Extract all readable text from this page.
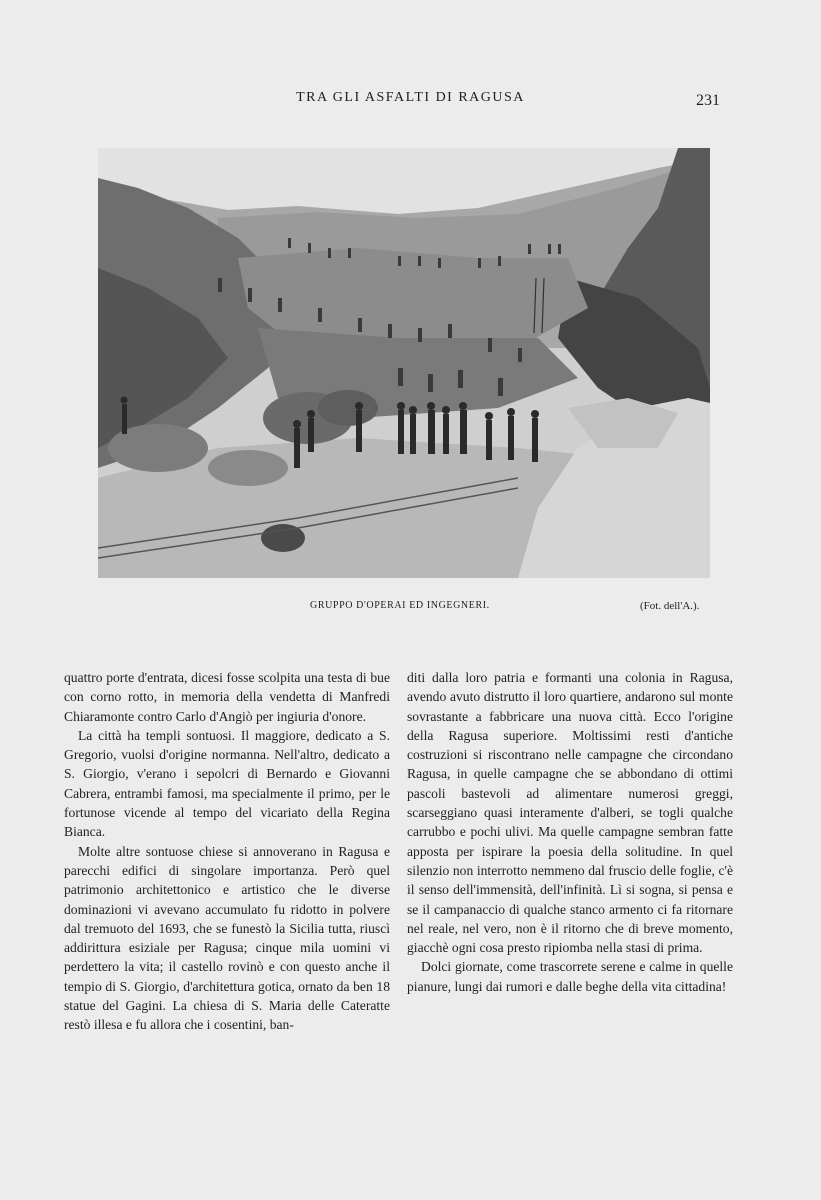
TRA GLI ASFALTI DI RAGUSA	231
GRUPPO D'OPERAI ED INGEGNERI.	(Fot. dell'A.).

quattro porte d'entrata, dicesi fosse scolpita una testa di bue con corno rotto, in memoria della vendetta di Manfredi Chiaramonte contro Carlo d'Angiò per ingiuria d'onore.

La città ha templi sontuosi. Il maggiore, dedicato a S. Gregorio, vuolsi d'origine normanna. Nell'altro, dedicato a S. Giorgio, v'erano i sepolcri di Bernardo e Giovanni Cabrera, entrambi famosi, ma specialmente il primo, per le fortunose vicende al tempo del vicariato della Regina Bianca.

Molte altre sontuose chiese si annoverano in Ragusa e parecchi edifici di singolare importanza. Però quel patrimonio architettonico e artistico che le diverse dominazioni vi avevano accumulato fu ridotto in polvere dal tremuoto del 1693, che se funestò la Sicilia tutta, riuscì addirittura esiziale per Ragusa; cinque mila uomini vi perdettero la vita; il castello rovinò e con questo anche il tempio di S. Giorgio, d'architettura gotica, ornato da ben 18 statue del Gagini. La chiesa di S. Maria delle Cateratte restò illesa e fu allora che i cosentini, ban-

diti dalla loro patria e formanti una colonia in Ragusa, avendo avuto distrutto il loro quartiere, andarono sul monte sovrastante a fabbricare una nuova città. Ecco l'origine della Ragusa superiore. Moltissimi resti d'antiche costruzioni si riscontrano nelle campagne che circondano Ragusa, in quelle campagne che se abbondano di ottimi pascoli bastevoli ad alimentare numerosi greggi, scarseggiano quasi interamente d'alberi, se togli qualche carrubbo e pochi ulivi. Ma quelle campagne sembran fatte apposta per ispirare la poesia della solitudine. In quel silenzio non interrotto nemmeno dal fruscio delle foglie, c'è il senso dell'immensità, dell'infinità. Lì si sogna, si pensa e se il campanaccio di qualche stanco armento ci fa ritornare nel reale, nel vero, non è il ritorno che di breve momento, giacchè ogni cosa presto ripiomba nella stasi di prima.

Dolci giornate, come trascorrete serene e calme in quelle pianure, lungi dai rumori e dalle beghe della vita cittadina!
